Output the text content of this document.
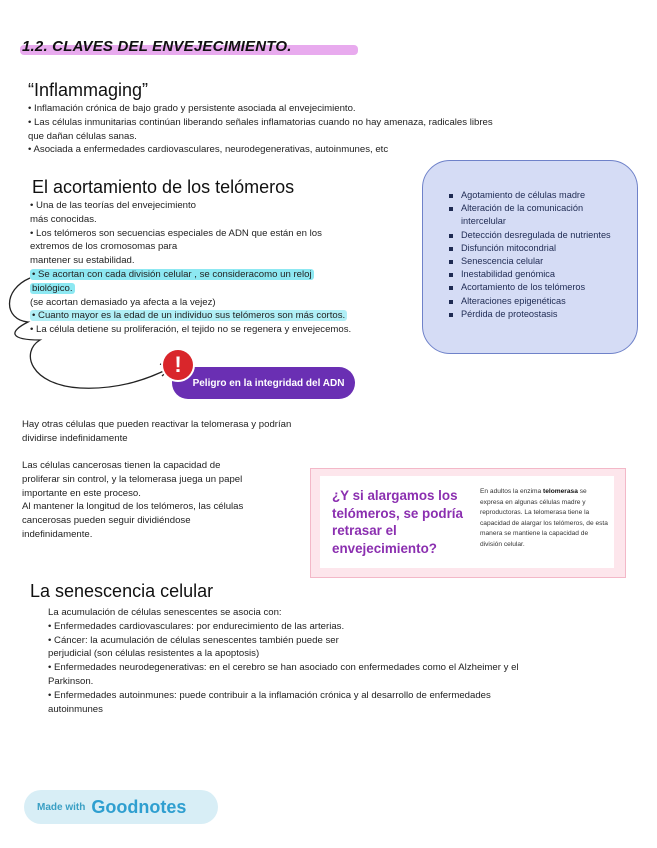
1.2. CLAVES DEL ENVEJECIMIENTO.
“Inflammaging”
• Inflamación crónica de bajo grado y persistente asociada al envejecimiento.
• Las células inmunitarias continúan liberando señales inflamatorias cuando no hay amenaza, radicales libres
que dañan células sanas.
• Asociada a enfermedades cardiovasculares, neurodegenerativas, autoinmunes, etc
El acortamiento de los telómeros
• Una de las teorías del envejecimiento
más conocidas.
• Los telómeros son secuencias especiales de ADN que están en los
extremos de los cromosomas para
mantener su estabilidad.
• Se acortan con cada división celular , se consideracomo un reloj
biológico.
(se acortan demasiado ya afecta a la vejez)
• Cuanto mayor es la edad de un individuo sus telómeros son más cortos.
• La célula detiene su proliferación, el tejido no se regenera y envejecemos.
Peligro en la integridad del ADN
!
Agotamiento de células madre
Alteración de la comunicación intercelular
Detección desregulada de nutrientes
Disfunción mitocondrial
Senescencia celular
Inestabilidad genómica
Acortamiento de los telómeros
Alteraciones epigenéticas
Pérdida de proteostasis
Hay otras células que pueden reactivar la telomerasa y podrían
dividirse indefinidamente
Las células cancerosas tienen la capacidad de
proliferar sin control, y la telomerasa juega un papel
importante en este proceso.
Al mantener la longitud de los telómeros, las células
cancerosas pueden seguir dividiéndose
indefinidamente.
¿Y si alargamos los telómeros, se podría retrasar el envejecimiento?
En adultos la enzima telomerasa se expresa en algunas células madre y reproductoras. La telomerasa tiene la capacidad de alargar los telómeros, de esta manera se mantiene la capacidad de división celular.
La senescencia celular
La acumulación de células senescentes se asocia con:
• Enfermedades cardiovasculares: por endurecimiento de las arterias.
• Cáncer: la acumulación de células senescentes también puede ser
perjudicial (son células resistentes a la apoptosis)
• Enfermedades neurodegenerativas: en el cerebro se han asociado con enfermedades como el Alzheimer y el
Parkinson.
• Enfermedades autoinmunes: puede contribuir a la inflamación crónica y al desarrollo de enfermedades
autoinmunes
Made with Goodnotes
